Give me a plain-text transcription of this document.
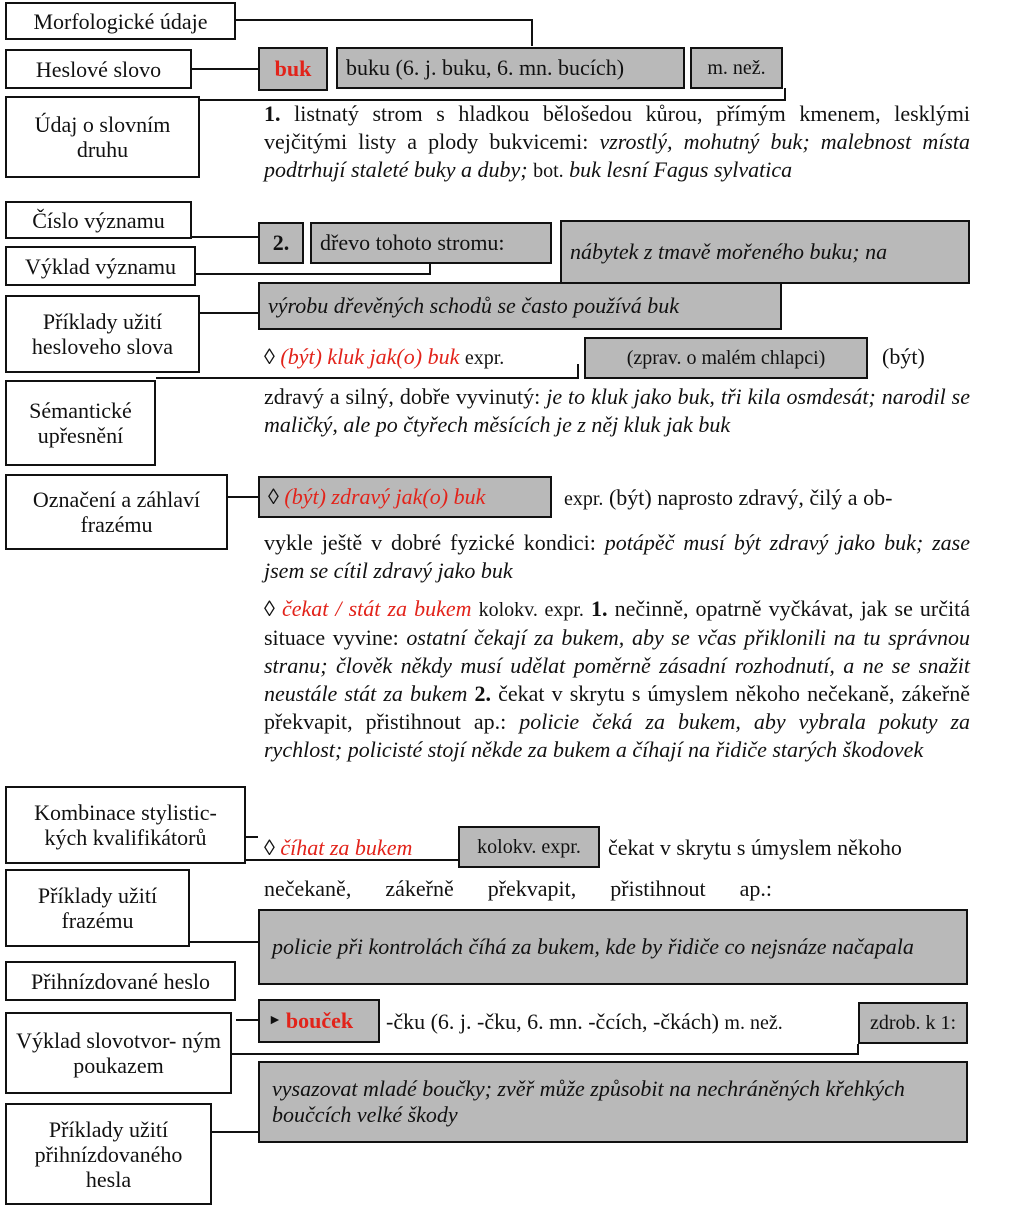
Morfologické údaje
Heslové slovo
Údaj o slovním druhu
Číslo významu
Výklad významu
Příklady užití hesloveho slova
Sémantické upřesnění
Označení a záhlaví frazému
Kombinace stylistic- kých kvalifikátorů
Příklady užití frazému
Přihnízdované heslo
Výklad slovotvor- ným poukazem
Příklady užití přihnízdovaného hesla
buk buku (6. j. buku, 6. mn. bucích)	m. než.
1. listnatý strom s hladkou bělošedou kůrou, přímým kmenem, lesklými vejčitými listy a plody bukvicemi: vzrostlý, mohutný buk; malebnost místa podtrhují staleté buky a duby; bot. buk lesní Fagus sylvatica
2. dřevo tohoto stromu:	nábytek z tmavě mořeného buku; na
výrobu dřevěných schodů se často používá buk
◊ (být) kluk jak(o) buk expr.	(zprav. o malém chlapci)	(být)
zdravý a silný, dobře vyvinutý: je to kluk jako buk, tři kila osmdesát; narodil se maličký, ale po čtyřech měsících je z něj kluk jak buk
◊
(být) zdravý jak(o) buk	expr. (být) naprosto zdravý, čilý a ob-
vykle ještě v dobré fyzické kondici: potápěč musí být zdravý jako buk; zase jsem se cítil zdravý jako buk
◊ čekat / stát za bukem kolokv. expr. 1. nečinně, opatrně vyčkávat, jak se určitá situace vyvine: ostatní čekají za bukem, aby se včas přiklonili na tu správnou stranu; člověk někdy musí udělat poměrně zásadní rozhodnutí, a ne se snažit neustále stát za bukem 2. čekat v skrytu s úmyslem někoho nečekaně, zákeřně překvapit, přistihnout ap.: policie čeká za bukem, aby vybrala pokuty za rychlost; policisté stojí někde za bukem a číhají na řidiče starých škodovek
◊ číhat za bukem	kolokv. expr. čekat v skrytu s úmyslem někoho
nečekaně, zákeřně překvapit, přistihnout ap.:
policie při kontrolách číhá za bukem, kde by řidiče co nejsnáze načapala
► bouček -čku (6. j. -čku, 6. mn. -čcích, -čkách) m. než.	zdrob. k 1:
vysazovat mladé boučky; zvěř může způsobit na nechráněných křehkých boučcích velké škody
